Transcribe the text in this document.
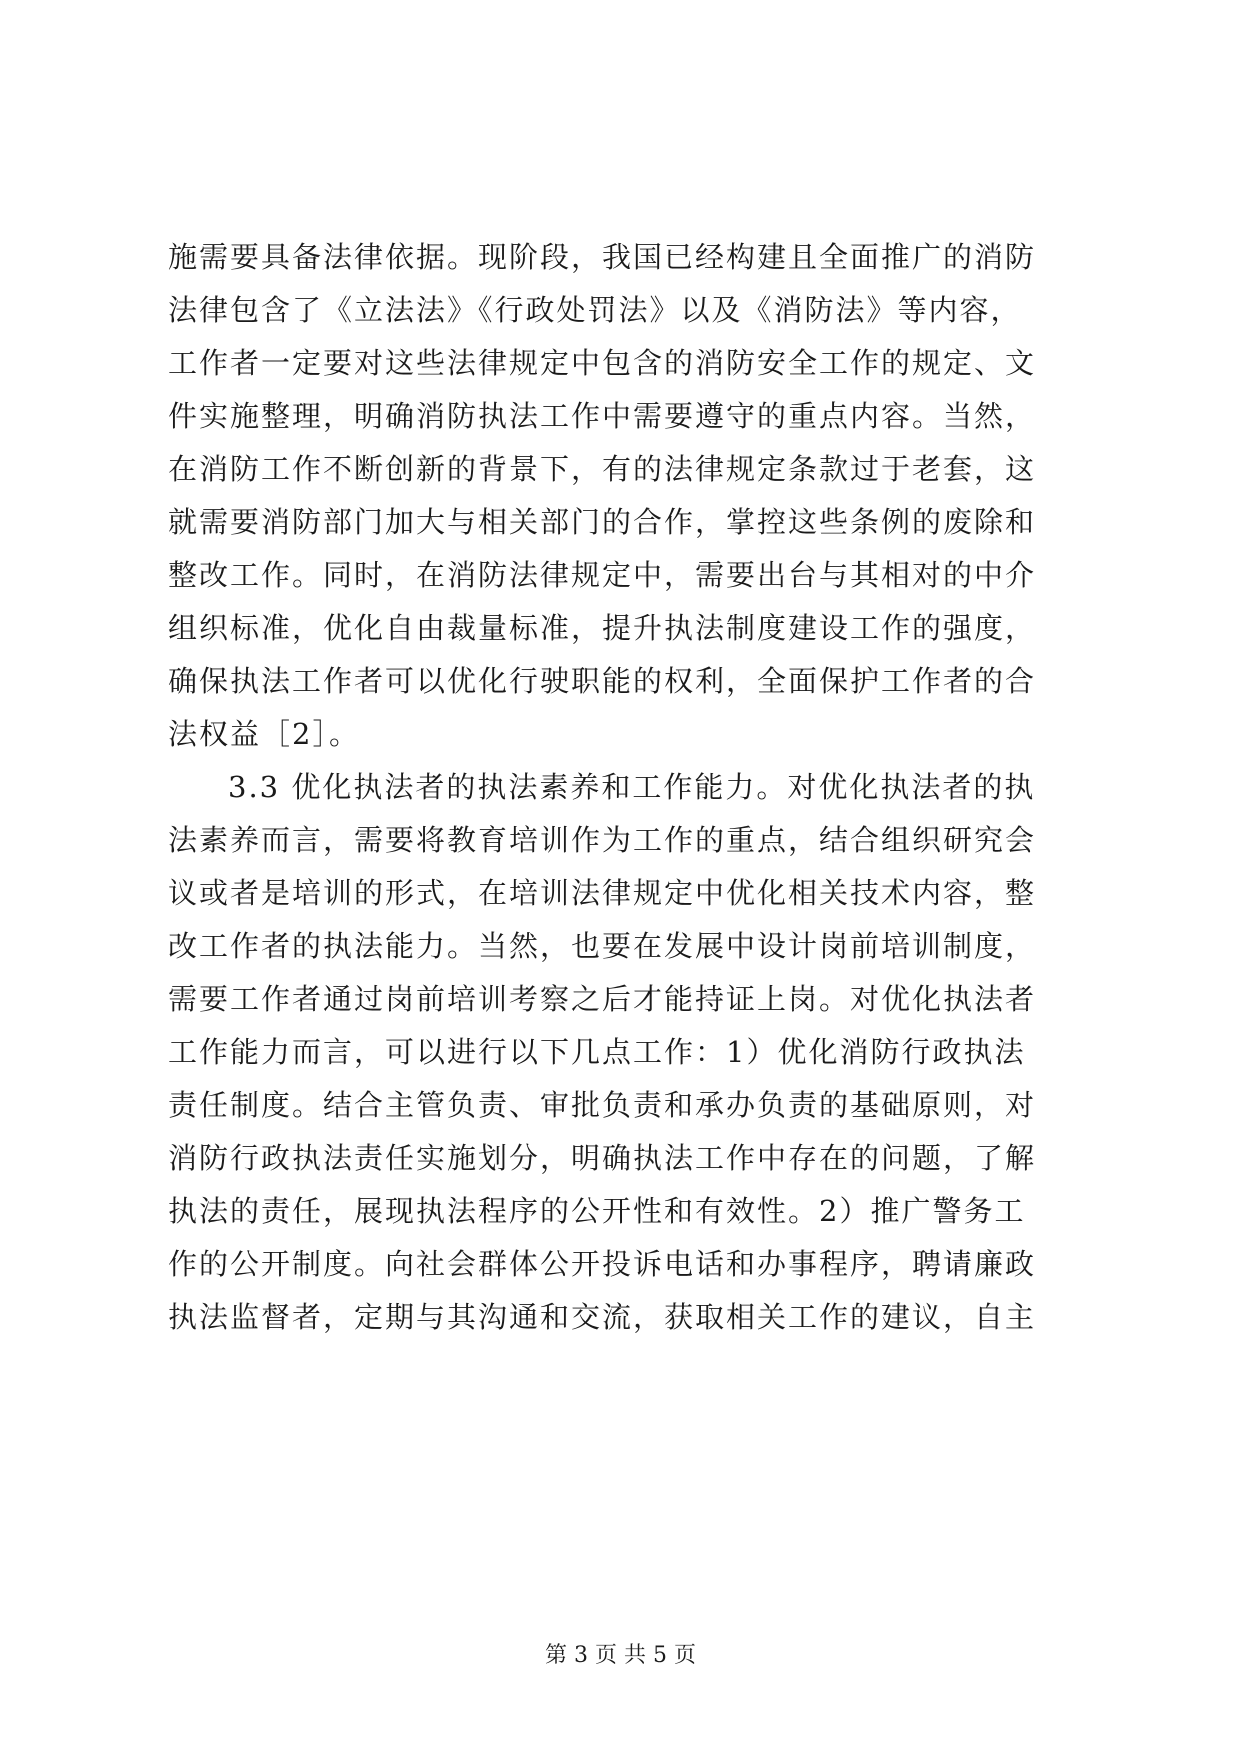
施需要具备法律依据。现阶段，我国已经构建且全面推广的消防
法律包含了《立法法》《行政处罚法》以及《消防法》等内容，
工作者一定要对这些法律规定中包含的消防安全工作的规定、文
件实施整理，明确消防执法工作中需要遵守的重点内容。当然，
在消防工作不断创新的背景下，有的法律规定条款过于老套，这
就需要消防部门加大与相关部门的合作，掌控这些条例的废除和
整改工作。同时，在消防法律规定中，需要出台与其相对的中介
组织标准，优化自由裁量标准，提升执法制度建设工作的强度，
确保执法工作者可以优化行驶职能的权利，全面保护工作者的合
法权益［2］。
3.3 优化执法者的执法素养和工作能力。对优化执法者的执
法素养而言，需要将教育培训作为工作的重点，结合组织研究会
议或者是培训的形式，在培训法律规定中优化相关技术内容，整
改工作者的执法能力。当然，也要在发展中设计岗前培训制度，
需要工作者通过岗前培训考察之后才能持证上岗。对优化执法者
工作能力而言，可以进行以下几点工作：1）优化消防行政执法
责任制度。结合主管负责、审批负责和承办负责的基础原则，对
消防行政执法责任实施划分，明确执法工作中存在的问题，了解
执法的责任，展现执法程序的公开性和有效性。2）推广警务工
作的公开制度。向社会群体公开投诉电话和办事程序，聘请廉政
执法监督者，定期与其沟通和交流，获取相关工作的建议，自主
第 3 页 共 5 页
